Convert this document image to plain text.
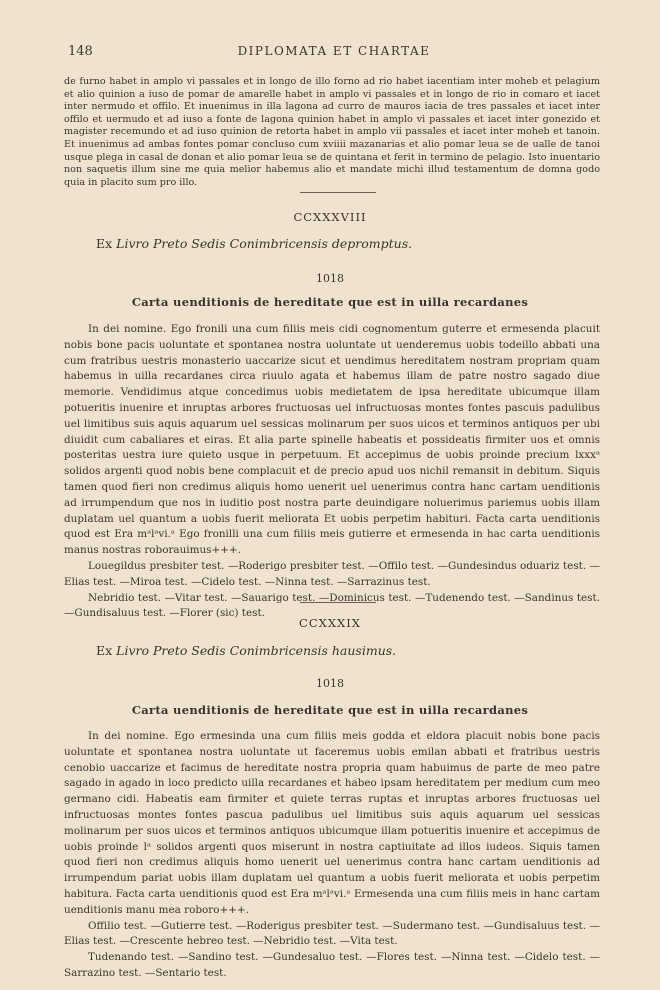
148	DIPLOMATA ET CHARTAE

de furno habet in amplo vi passales et in longo de illo forno ad rio habet iacentiam inter moheb et pelagium et alio quinion a iuso de pomar de amarelle habet in amplo vi passales et in longo de rio in comaro et iacet inter nermudo et offilo. Et inuenimus in illa lagona ad curro de mauros iacia de tres passales et iacet inter offilo et uermudo et ad iuso a fonte de lagona quinion habet in amplo vi passales et iacet inter gonezido et magister recemundo et ad iuso quinion de retorta habet in amplo vii passales et iacet inter moheb et tanoin. Et inuenimus ad ambas fontes pomar concluso cum xviiii mazanarias et alio pomar leua se de ualle de tanoi usque plega in casal de donan et alio pomar leua se de quintana et ferit in termino de pelagio. Isto inuentario non saquetis illum sine me quia melior habemus alio et mandate michi illud testamentum de domna godo quia in placito sum pro illo.

CCXXXVIII
Ex Livro Preto Sedis Conimbricensis depromptus.
1018
Carta uenditionis de hereditate que est in uilla recardanes

In dei nomine. Ego fronili una cum filiis meis cidi cognomentum guterre et ermesenda placuit nobis bone pacis uoluntate et spontanea nostra uoluntate ut uenderemus uobis todeillo abbati una cum fratribus uestris monasterio uaccarize sicut et uendimus hereditatem nostram propriam quam habemus in uilla recardanes circa riuulo agata et habemus illam de patre nostro sagado diue memorie. Vendidimus atque concedimus uobis medietatem de ipsa hereditate ubicumque illam potueritis inuenire et inruptas arbores fructuosas uel infructuosas montes fontes pascuis padulibus uel limitibus suis aquis aquarum uel sessicas molinarum per suos uicos et terminos antiquos per ubi diuidit cum cabaliares et eiras. Et alia parte spinelle habeatis et possideatis firmiter uos et omnis posteritas uestra iure quieto usque in perpetuum. Et accepimus de uobis proinde precium lxxxᵃ solidos argenti quod nobis bene complacuit et de precio apud uos nichil remansit in debitum. Siquis tamen quod fieri non credimus aliquis homo uenerit uel uenerimus contra hanc cartam uenditionis ad irrumpendum que nos in iuditio post nostra parte deuindigare noluerimus pariemus uobis illam duplatam uel quantum a uobis fuerit meliorata Et uobis perpetim habituri. Facta carta uenditionis quod est Era mᵃlᵃvi.ᵃ Ego fronilli una cum filiis meis gutierre et ermesenda in hac carta uenditionis manus nostras roborauimus+++.

Louegildus presbiter test. —Roderigo presbiter test. —Offilo test. —Gundesindus oduariz test. —Elias test. —Miroa test. —Cidelo test. —Ninna test. —Sarrazinus test.

Nebridio test. —Vitar test. —Sauarigo test. —Dominicus test. —Tudenendo test. —Sandinus test. —Gundisaluus test. —Florer (sic) test.

CCXXXIX
Ex Livro Preto Sedis Conimbricensis hausimus.
1018
Carta uenditionis de hereditate que est in uilla recardanes

In dei nomine. Ego ermesinda una cum filiis meis godda et eldora placuit nobis bone pacis uoluntate et spontanea nostra uoluntate ut faceremus uobis emilan abbati et fratribus uestris cenobio uaccarize et facimus de hereditate nostra propria quam habuimus de parte de meo patre sagado in agado in loco predicto uilla recardanes et habeo ipsam hereditatem per medium cum meo germano cidi. Habeatis eam firmiter et quiete terras ruptas et inruptas arbores fructuosas uel infructuosas montes fontes pascua padulibus uel limitibus suis aquis aquarum uel sessicas molinarum per suos uicos et terminos antiquos ubicumque illam potueritis inuenire et accepimus de uobis proinde lᵃ solidos argenti quos miserunt in nostra captiuitate ad illos iudeos. Siquis tamen quod fieri non credimus aliquis homo uenerit uel uenerimus contra hanc cartam uenditionis ad irrumpendum pariat uobis illam duplatam uel quantum a uobis fuerit meliorata et uobis perpetim habitura. Facta carta uenditionis quod est Era mᵃlᵃvi.ᵃ Ermesenda una cum filiis meis in hanc cartam uenditionis manu mea roboro+++.

Offilio test. —Gutierre test. —Roderigus presbiter test. —Sudermano test. —Gundisaluus test. —Elias test. —Crescente hebreo test. —Nebridio test. —Vita test.

Tudenando test. —Sandino test. —Gundesaluo test. —Flores test. —Ninna test. —Cidelo test. —Sarrazino test. —Sentario test.
